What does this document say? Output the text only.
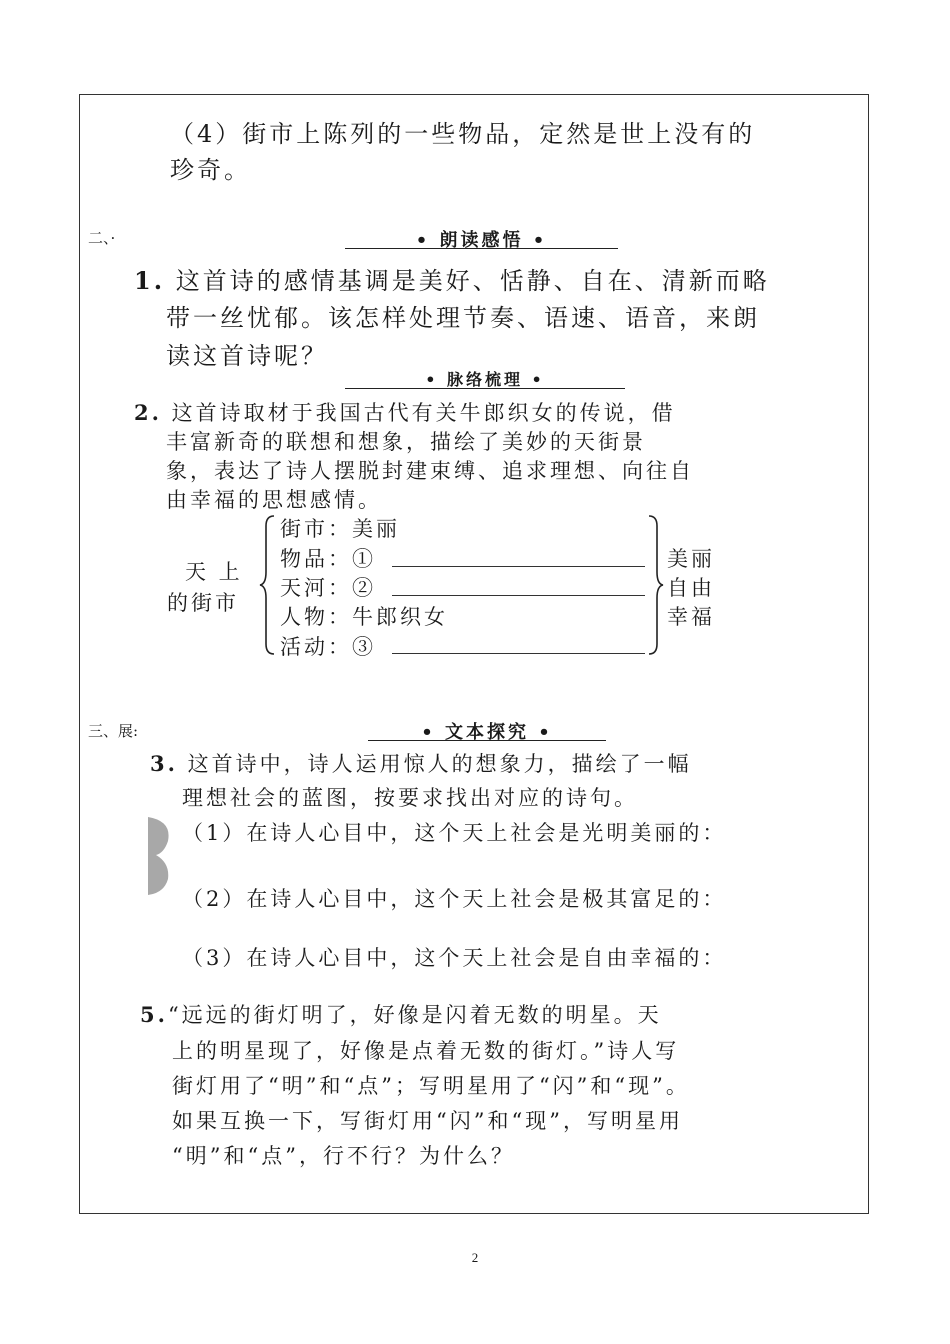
（4）街市上陈列的一些物品，定然是世上没有的
珍奇。
二、·	• 朗读感悟 •
1. 这首诗的感情基调是美好、恬静、自在、清新而略
带一丝忧郁。该怎样处理节奏、语速、语音，来朗
读这首诗呢？
• 脉络梳理 •
2. 这首诗取材于我国古代有关牛郎织女的传说，借
丰富新奇的联想和想象，描绘了美妙的天街景
象，表达了诗人摆脱封建束缚、追求理想、向往自
由幸福的思想感情。
天 上
的街市
街市：美丽
物品：①
天河：②
人物：牛郎织女
活动：③
美丽
自由
幸福
三、展:	• 文本探究 •
3. 这首诗中，诗人运用惊人的想象力，描绘了一幅
理想社会的蓝图，按要求找出对应的诗句。
（1）在诗人心目中，这个天上社会是光明美丽的：
（2）在诗人心目中，这个天上社会是极其富足的：
（3）在诗人心目中，这个天上社会是自由幸福的：
5.“远远的街灯明了，好像是闪着无数的明星。天
上的明星现了，好像是点着无数的街灯。”诗人写
街灯用了“明”和“点”；写明星用了“闪”和“现”。
如果互换一下，写街灯用“闪”和“现”，写明星用
“明”和“点”，行不行？为什么？
2
